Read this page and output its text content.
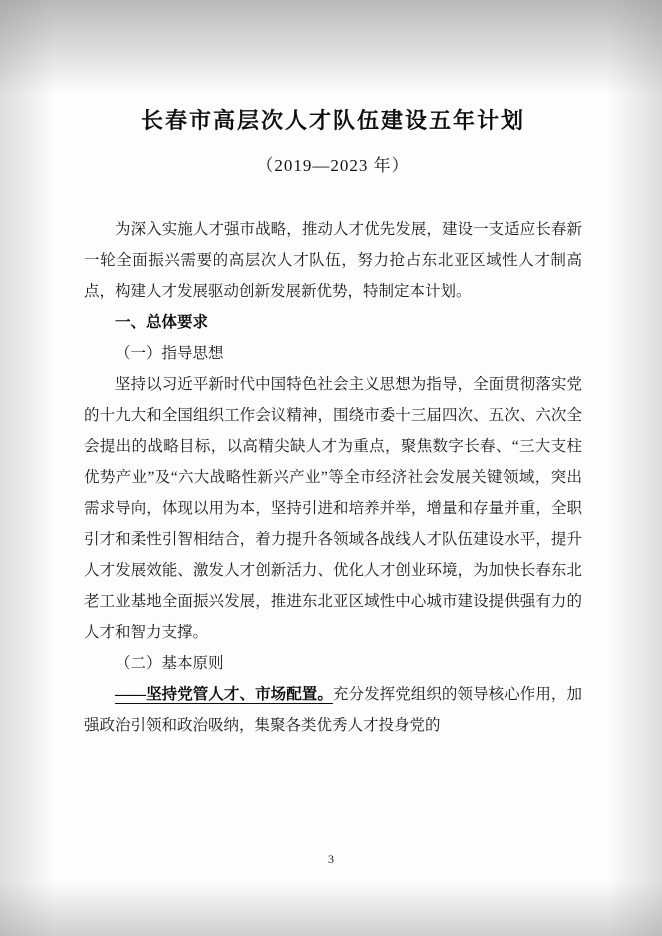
长春市高层次人才队伍建设五年计划
（2019—2023 年）

为深入实施人才强市战略，推动人才优先发展，建设一支适应长春新一轮全面振兴需要的高层次人才队伍，努力抢占东北亚区域性人才制高点，构建人才发展驱动创新发展新优势，特制定本计划。

一、总体要求

（一）指导思想

坚持以习近平新时代中国特色社会主义思想为指导，全面贯彻落实党的十九大和全国组织工作会议精神，围绕市委十三届四次、五次、六次全会提出的战略目标，以高精尖缺人才为重点，聚焦数字长春、“三大支柱优势产业”及“六大战略性新兴产业”等全市经济社会发展关键领域，突出需求导向，体现以用为本，坚持引进和培养并举，增量和存量并重，全职引才和柔性引智相结合，着力提升各领域各战线人才队伍建设水平，提升人才发展效能、激发人才创新活力、优化人才创业环境，为加快长春东北老工业基地全面振兴发展，推进东北亚区域性中心城市建设提供强有力的人才和智力支撑。

（二）基本原则

——坚持党管人才、市场配置。充分发挥党组织的领导核心作用，加强政治引领和政治吸纳，集聚各类优秀人才投身党的

3
